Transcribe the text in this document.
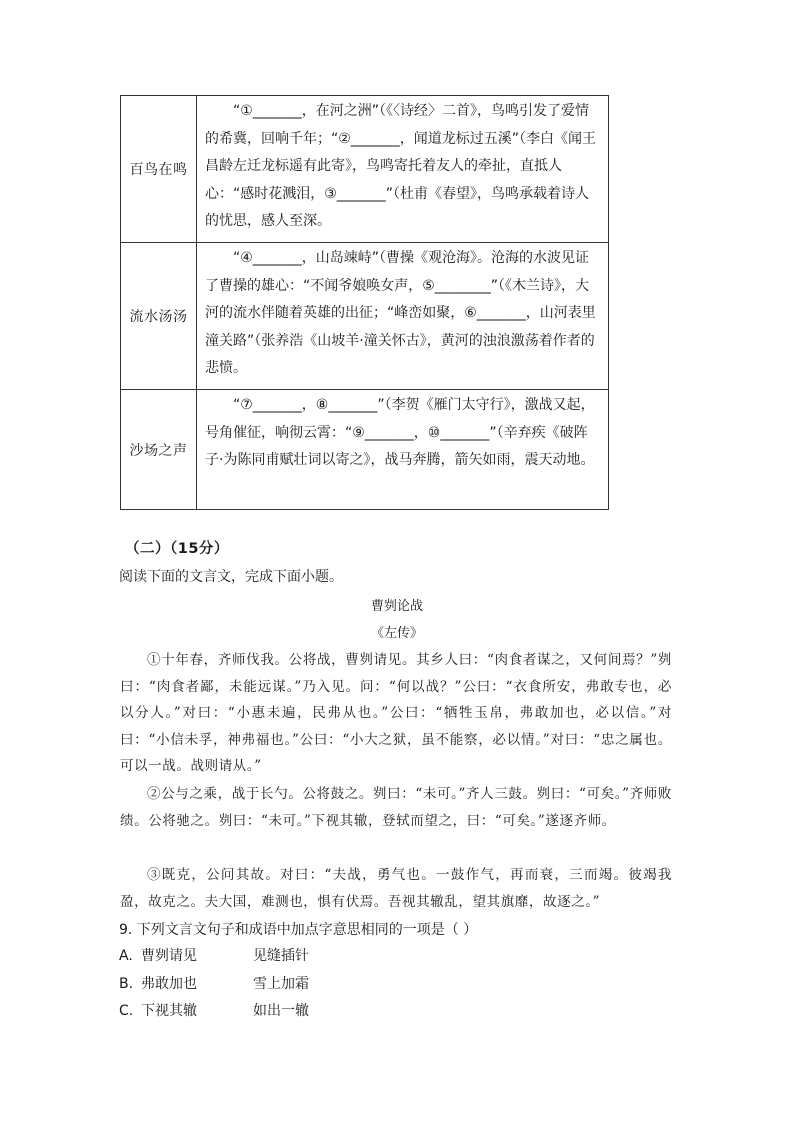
百鸟在鸣	“①_______，在河之洲”（《〈诗经〉二首》，鸟鸣引发了爱情的希冀，回响千年；“②_______，闻道龙标过五溪”（李白《闻王昌龄左迁龙标遥有此寄》，鸟鸣寄托着友人的牵扯，直抵人心：“感时花溅泪，③_______”（杜甫《春望》，鸟鸣承载着诗人的忧思，感人至深。
流水汤汤	“④_______，山岛竦峙”（曹操《观沧海》。沧海的水波见证了曹操的雄心：“不闻爷娘唤女声，⑤________”（《木兰诗》，大河的流水伴随着英雄的出征；“峰峦如聚，⑥_______，山河表里潼关路”（张养浩《山坡羊·潼关怀古》，黄河的浊浪激荡着作者的悲愤。
沙场之声	“⑦_______，⑧_______”（李贺《雁门太守行》，激战又起，号角催征，响彻云霄：“⑨_______，⑩_______”（辛弃疾《破阵子·为陈同甫赋壮词以寄之》，战马奔腾，箭矢如雨，震天动地。
（二）（15分）
阅读下面的文言文，完成下面小题。
曹刿论战
《左传》
①十年春，齐师伐我。公将战，曹刿请见。其乡人曰：“肉食者谋之，又何间焉？”刿曰：“肉食者鄙，未能远谋。”乃入见。问：“何以战？”公曰：“衣食所安，弗敢专也，必以分人。”对曰：“小惠未遍，民弗从也。”公曰：“牺牲玉帛，弗敢加也，必以信。”对曰：“小信未孚，神弗福也。”公曰：“小大之狱，虽不能察，必以情。”对曰：“忠之属也。可以一战。战则请从。”
②公与之乘，战于长勺。公将鼓之。刿曰：“未可。”齐人三鼓。刿曰：“可矣。”齐师败绩。公将驰之。刿曰：“未可。”下视其辙，登轼而望之，曰：“可矣。”遂逐齐师。
③既克，公问其故。对曰：“夫战，勇气也。一鼓作气，再而衰，三而竭。彼竭我盈，故克之。夫大国，难测也，惧有伏焉。吾视其辙乱，望其旗靡，故逐之。”
9. 下列文言文句子和成语中加点字意思相同的一项是（ ）
A. 曹刿请见	见缝插针
B. 弗敢加也	雪上加霜
C. 下视其辙	如出一辙
